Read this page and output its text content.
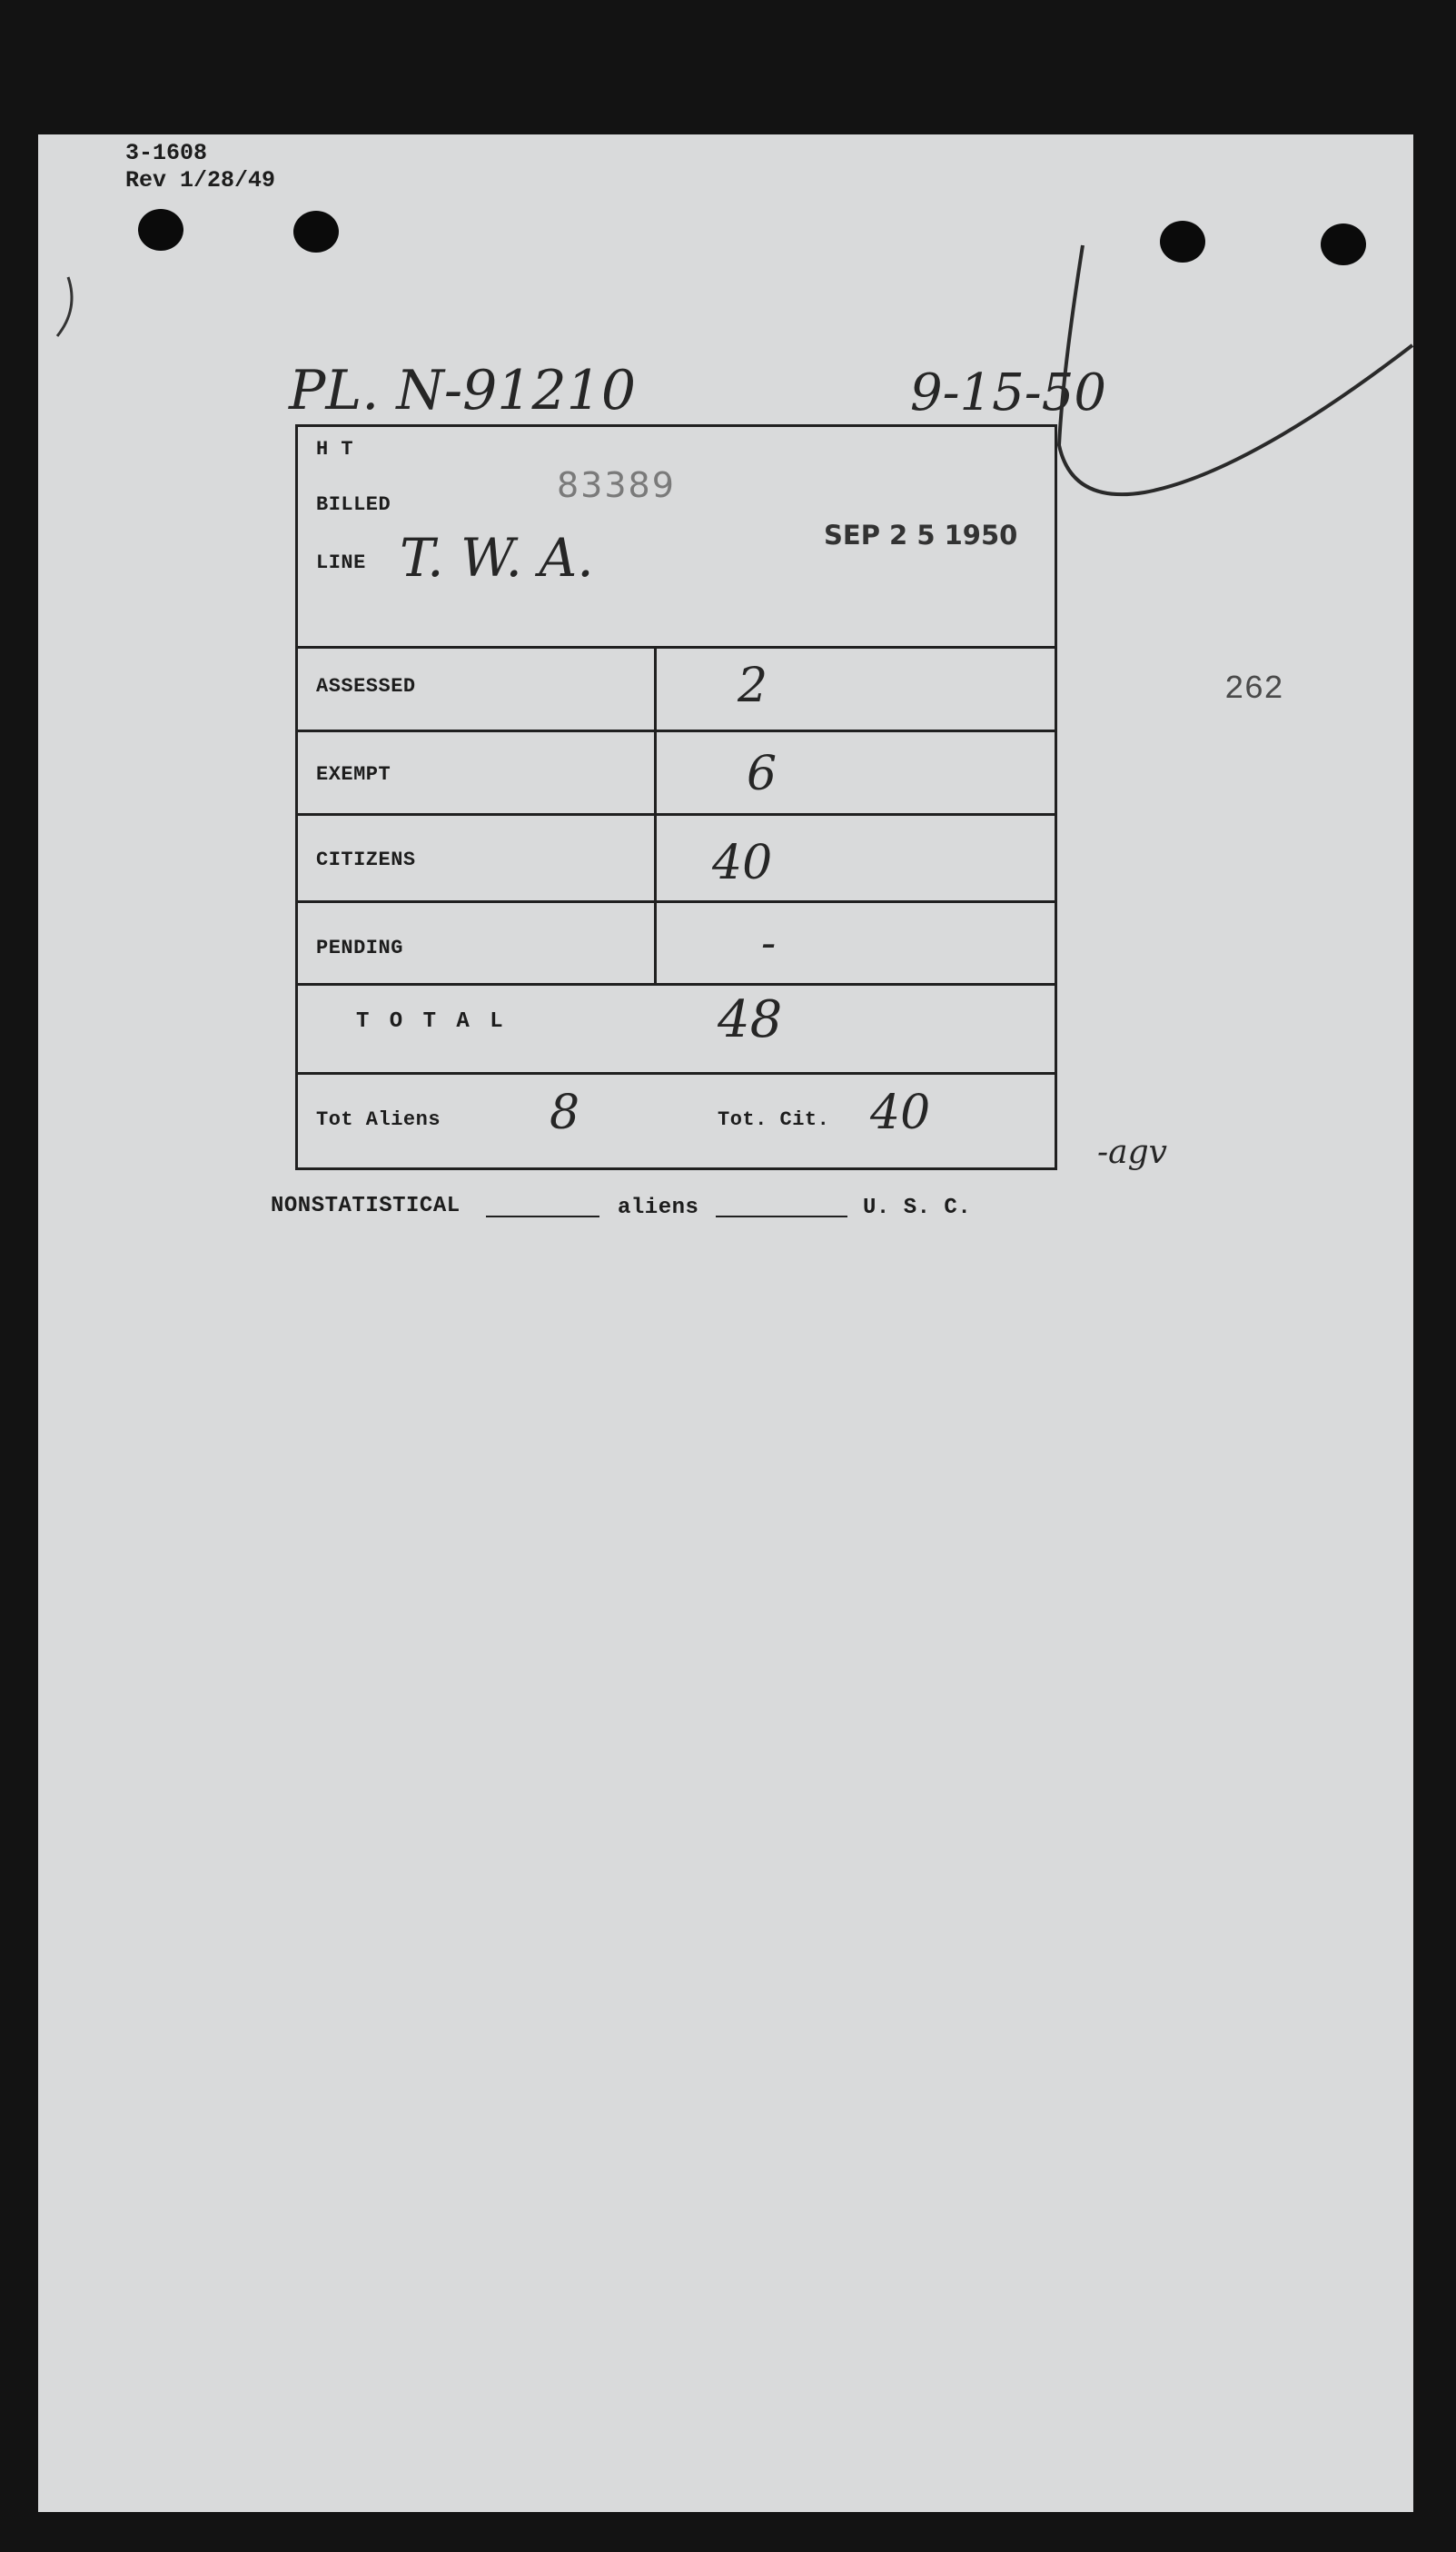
3-1608
Rev 1/28/49
PL. N-91210	9-15-50
262
H T
BILLED	83389
LINE T. W. A.	SEP 2 5 1950
ASSESSED	2
EXEMPT	6
CITIZENS	40
PENDING	-
T O T A L	48
Tot Aliens 8	Tot. Cit. 40
-agv
NONSTATISTICAL	aliens	U. S. C.
